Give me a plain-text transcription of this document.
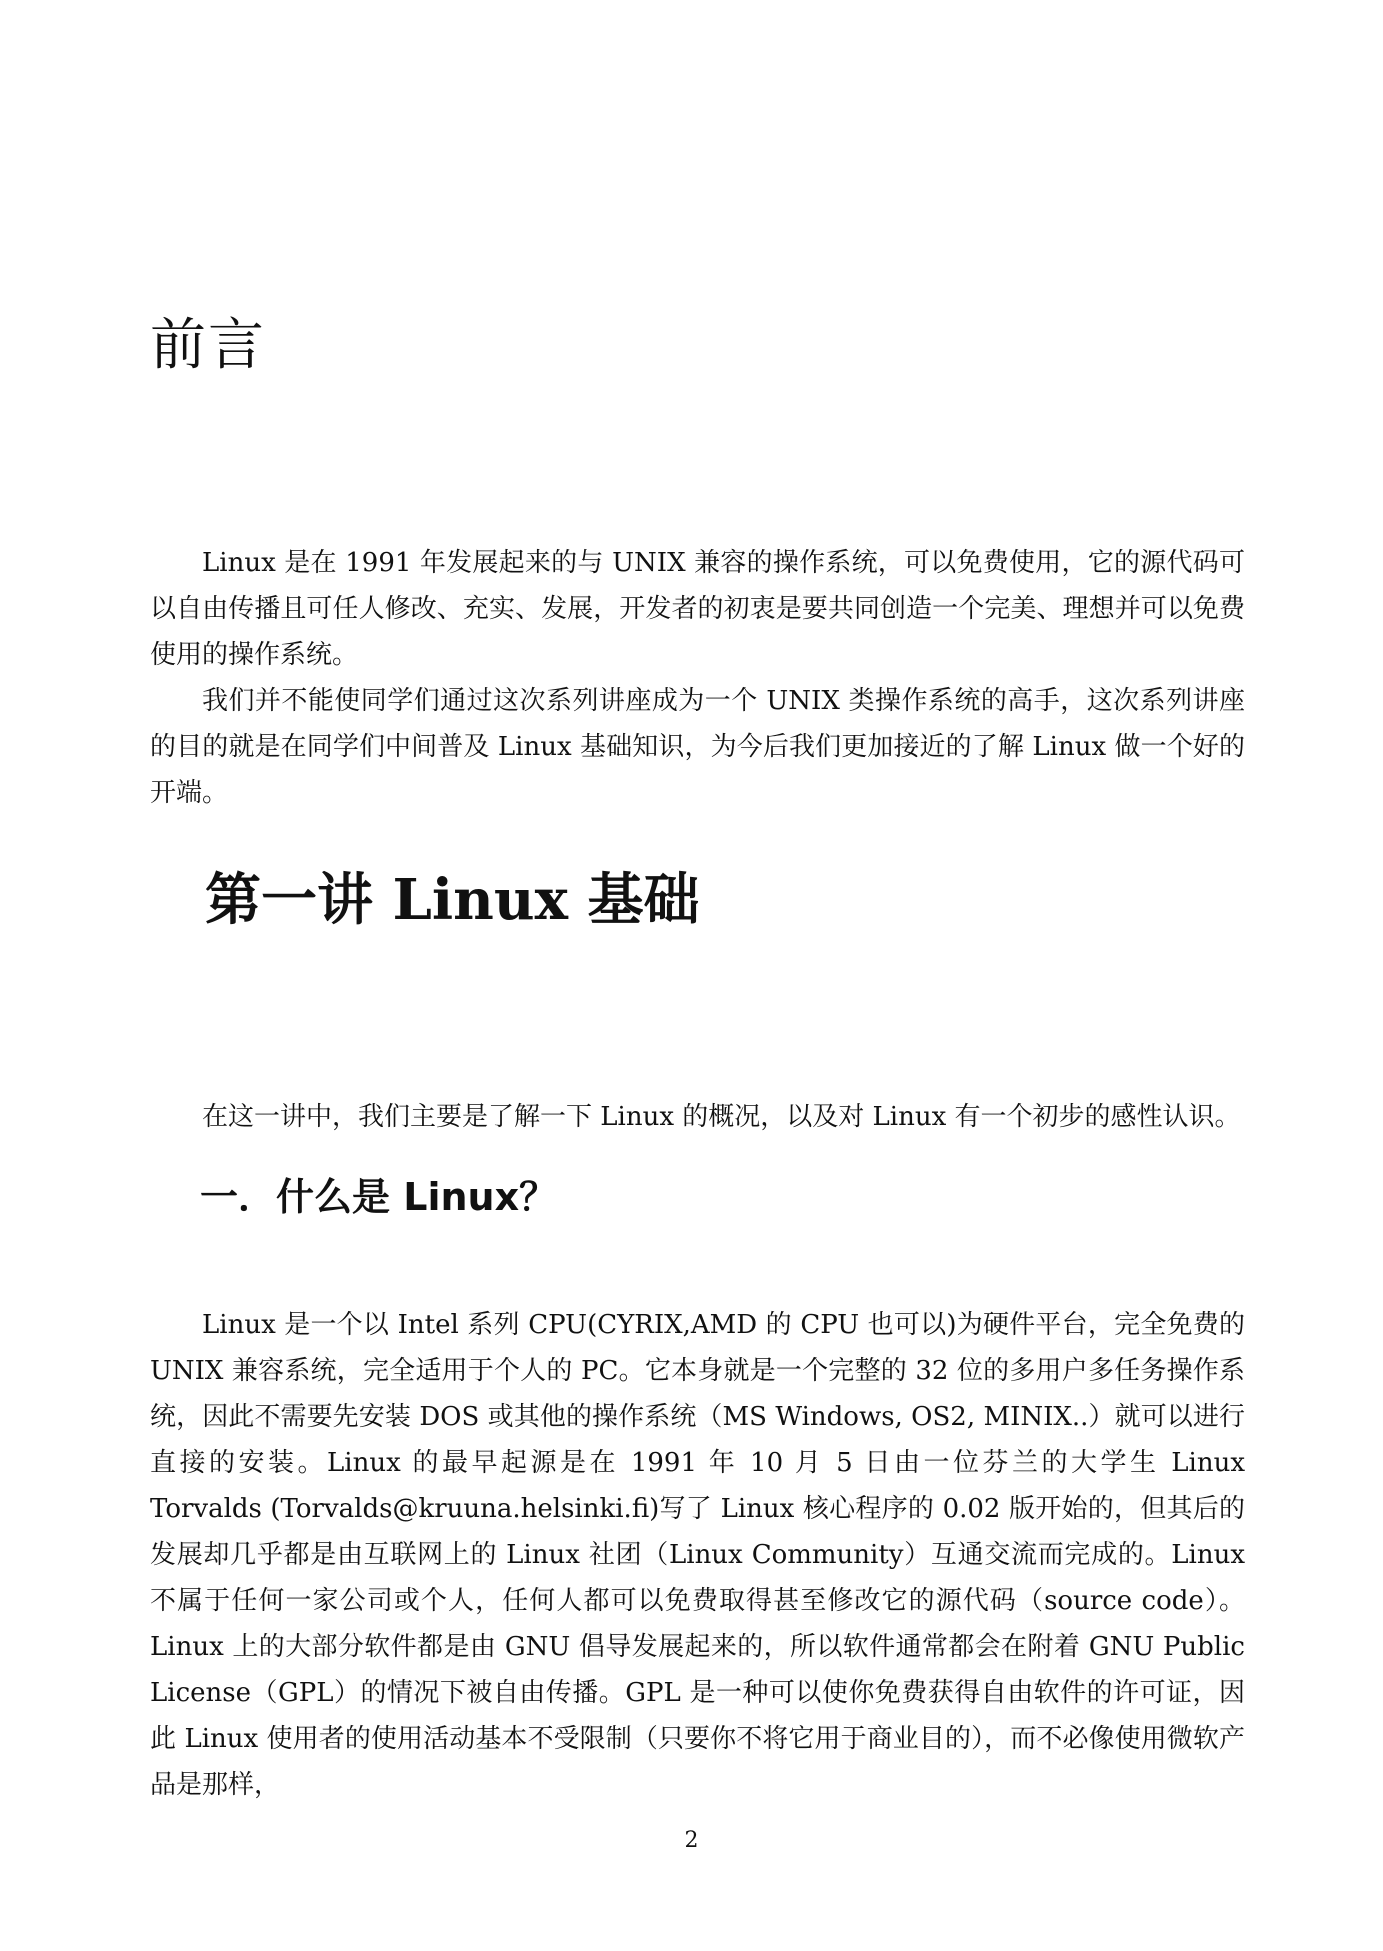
前言

Linux 是在 1991 年发展起来的与 UNIX 兼容的操作系统，可以免费使用，它的源代码可以自由传播且可任人修改、充实、发展，开发者的初衷是要共同创造一个完美、理想并可以免费使用的操作系统。

我们并不能使同学们通过这次系列讲座成为一个 UNIX 类操作系统的高手，这次系列讲座的目的就是在同学们中间普及 Linux 基础知识，为今后我们更加接近的了解 Linux 做一个好的开端。

第一讲 Linux 基础

在这一讲中，我们主要是了解一下 Linux 的概况，以及对 Linux 有一个初步的感性认识。

一．什么是 Linux？

Linux 是一个以 Intel 系列 CPU(CYRIX,AMD 的 CPU 也可以)为硬件平台，完全免费的 UNIX 兼容系统，完全适用于个人的 PC。它本身就是一个完整的 32 位的多用户多任务操作系统，因此不需要先安装 DOS 或其他的操作系统（MS Windows, OS2, MINIX..）就可以进行直接的安装。Linux 的最早起源是在 1991 年 10 月 5 日由一位芬兰的大学生 Linux Torvalds (Torvalds@kruuna.helsinki.fi)写了 Linux 核心程序的 0.02 版开始的，但其后的发展却几乎都是由互联网上的 Linux 社团（Linux Community）互通交流而完成的。Linux 不属于任何一家公司或个人，任何人都可以免费取得甚至修改它的源代码（source code）。Linux 上的大部分软件都是由 GNU 倡导发展起来的，所以软件通常都会在附着 GNU Public License（GPL）的情况下被自由传播。GPL 是一种可以使你免费获得自由软件的许可证，因此 Linux 使用者的使用活动基本不受限制（只要你不将它用于商业目的），而不必像使用微软产品是那样，

2
